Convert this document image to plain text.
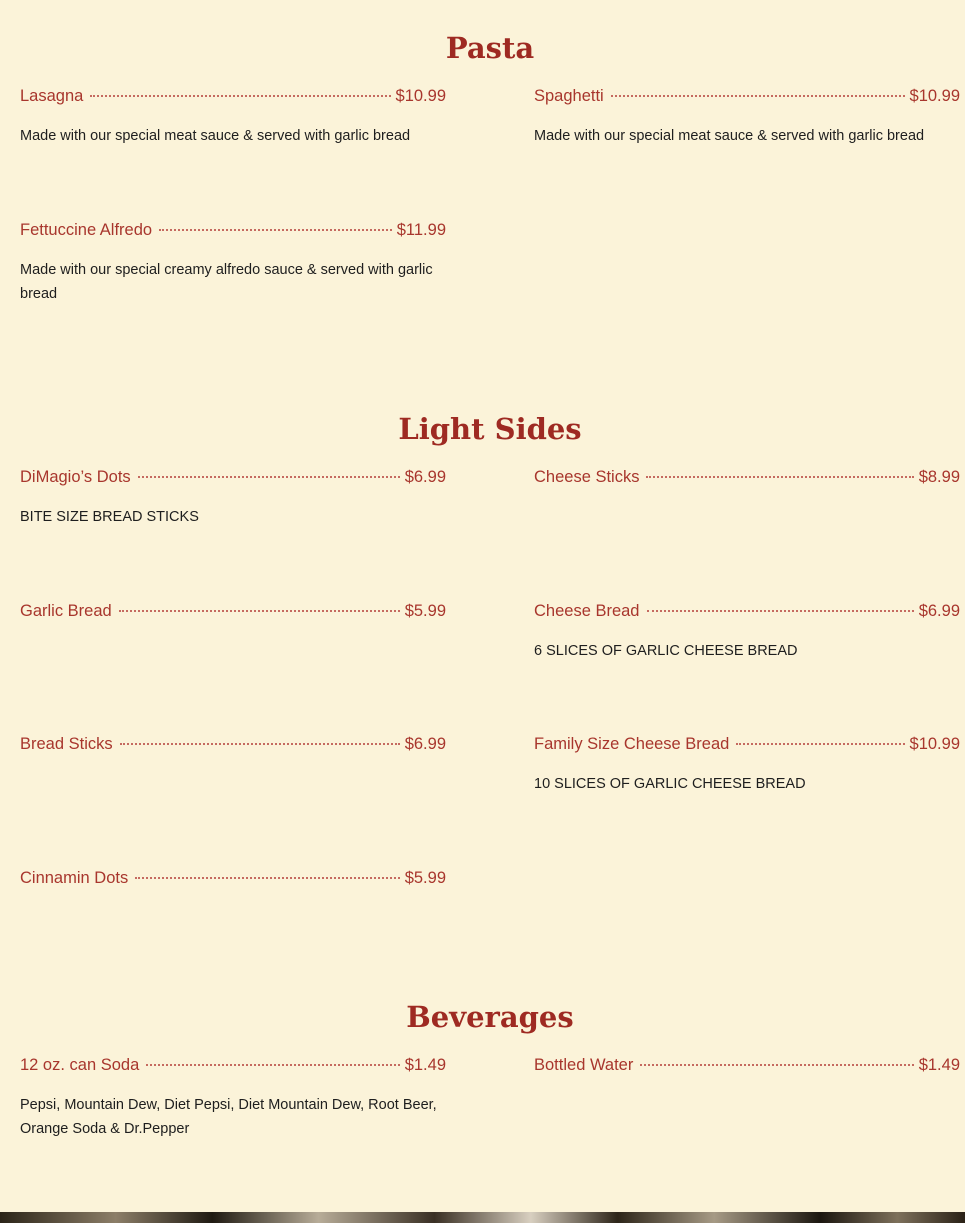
Pasta
Lasagna	$10.99
Made with our special meat sauce & served with garlic bread
Spaghetti	$10.99
Made with our special meat sauce & served with garlic bread
Fettuccine Alfredo	$11.99
Made with our special creamy alfredo sauce & served with garlic bread
Light Sides
DiMagio’s Dots	$6.99
BITE SIZE BREAD STICKS
Cheese Sticks	$8.99
Garlic Bread	$5.99	Cheese Bread	$6.99
6 SLICES OF GARLIC CHEESE BREAD
Bread Sticks	$6.99	Family Size Cheese Bread	$10.99
10 SLICES OF GARLIC CHEESE BREAD
Cinnamin Dots	$5.99
Beverages
12 oz. can Soda	$1.49
Pepsi, Mountain Dew, Diet Pepsi, Diet Mountain Dew, Root Beer, Orange Soda & Dr.Pepper
Bottled Water	$1.49
